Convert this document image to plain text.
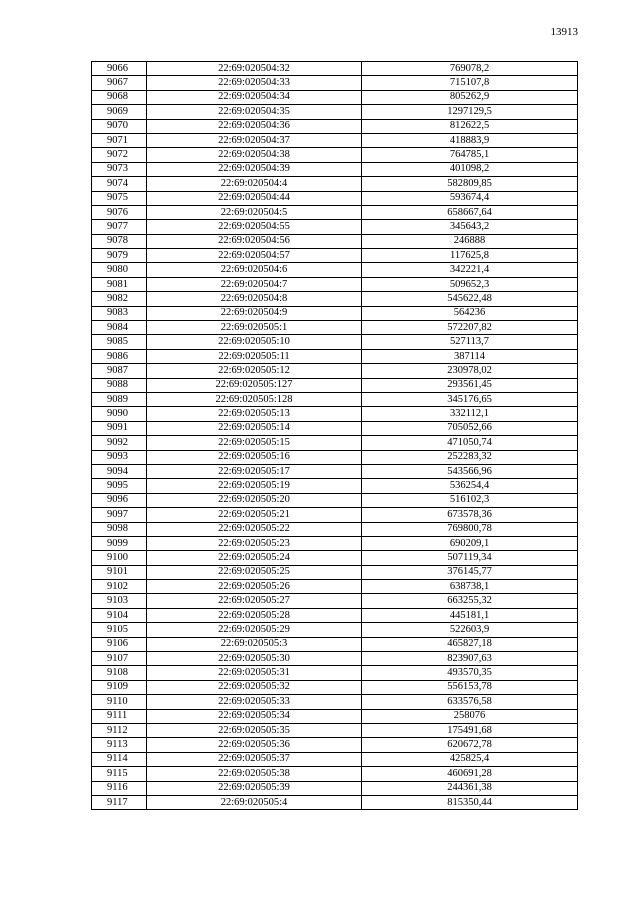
13913
9066	22:69:020504:32	769078,2
9067	22:69:020504:33	715107,8
9068	22:69:020504:34	805262,9
9069	22:69:020504:35	1297129,5
9070	22:69:020504:36	812622,5
9071	22:69:020504:37	418883,9
9072	22:69:020504:38	764785,1
9073	22:69:020504:39	401098,2
9074	22:69:020504:4	582809,85
9075	22:69:020504:44	593674,4
9076	22:69:020504:5	658667,64
9077	22:69:020504:55	345643,2
9078	22:69:020504:56	246888
9079	22:69:020504:57	117625,8
9080	22:69:020504:6	342221,4
9081	22:69:020504:7	509652,3
9082	22:69:020504:8	545622,48
9083	22:69:020504:9	564236
9084	22:69:020505:1	572207,82
9085	22:69:020505:10	527113,7
9086	22:69:020505:11	387114
9087	22:69:020505:12	230978,02
9088	22:69:020505:127	293561,45
9089	22:69:020505:128	345176,65
9090	22:69:020505:13	332112,1
9091	22:69:020505:14	705052,66
9092	22:69:020505:15	471050,74
9093	22:69:020505:16	252283,32
9094	22:69:020505:17	543566,96
9095	22:69:020505:19	536254,4
9096	22:69:020505:20	516102,3
9097	22:69:020505:21	673578,36
9098	22:69:020505:22	769800,78
9099	22:69:020505:23	690209,1
9100	22:69:020505:24	507119,34
9101	22:69:020505:25	376145,77
9102	22:69:020505:26	638738,1
9103	22:69:020505:27	663255,32
9104	22:69:020505:28	445181,1
9105	22:69:020505:29	522603,9
9106	22:69:020505:3	465827,18
9107	22:69:020505:30	823907,63
9108	22:69:020505:31	493570,35
9109	22:69:020505:32	556153,78
9110	22:69:020505:33	633576,58
9111	22:69:020505:34	258076
9112	22:69:020505:35	175491,68
9113	22:69:020505:36	620672,78
9114	22:69:020505:37	425825,4
9115	22:69:020505:38	460691,28
9116	22:69:020505:39	244361,38
9117	22:69:020505:4	815350,44
